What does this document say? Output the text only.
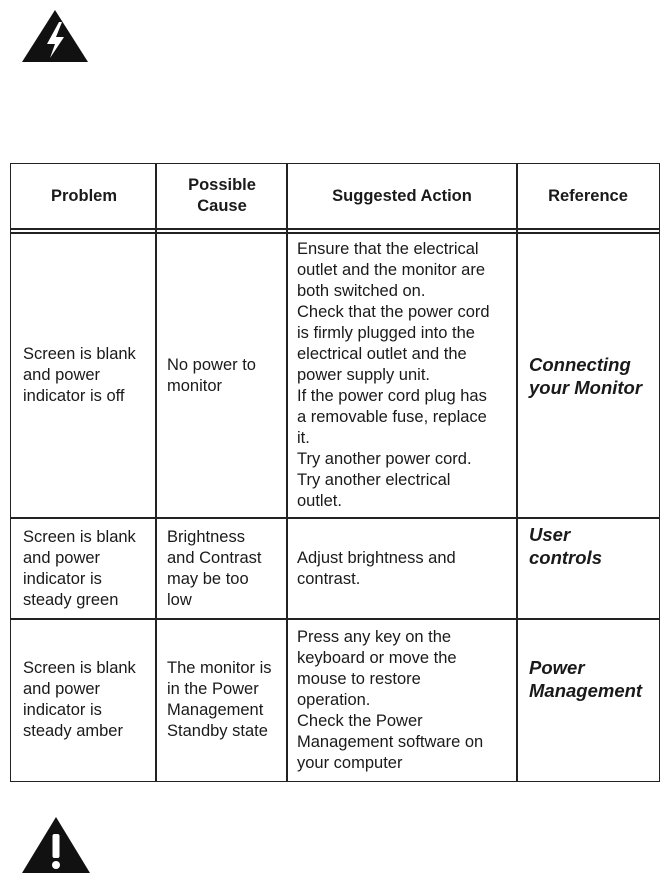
Problem
Possible
Cause
Suggested Action	Reference
Screen is blank
and power
indicator is off
No power to
monitor
Ensure that the electrical
outlet and the monitor are
both switched on.
Check that the power cord
is firmly plugged into the
electrical outlet and the
power supply unit.
If the power cord plug has
a removable fuse, replace
it.
Try another power cord.
Try another electrical
outlet.
Connecting
your Monitor
Screen is blank
and power
indicator is
steady green
Brightness
and Contrast
may be too
low
Adjust brightness and
contrast.
User
controls
Screen is blank
and power
indicator is
steady amber
The monitor is
in the Power
Management
Standby state
Press any key on the
keyboard or move the
mouse to restore
operation.
Check the Power
Management software on
your computer
Power
Management
